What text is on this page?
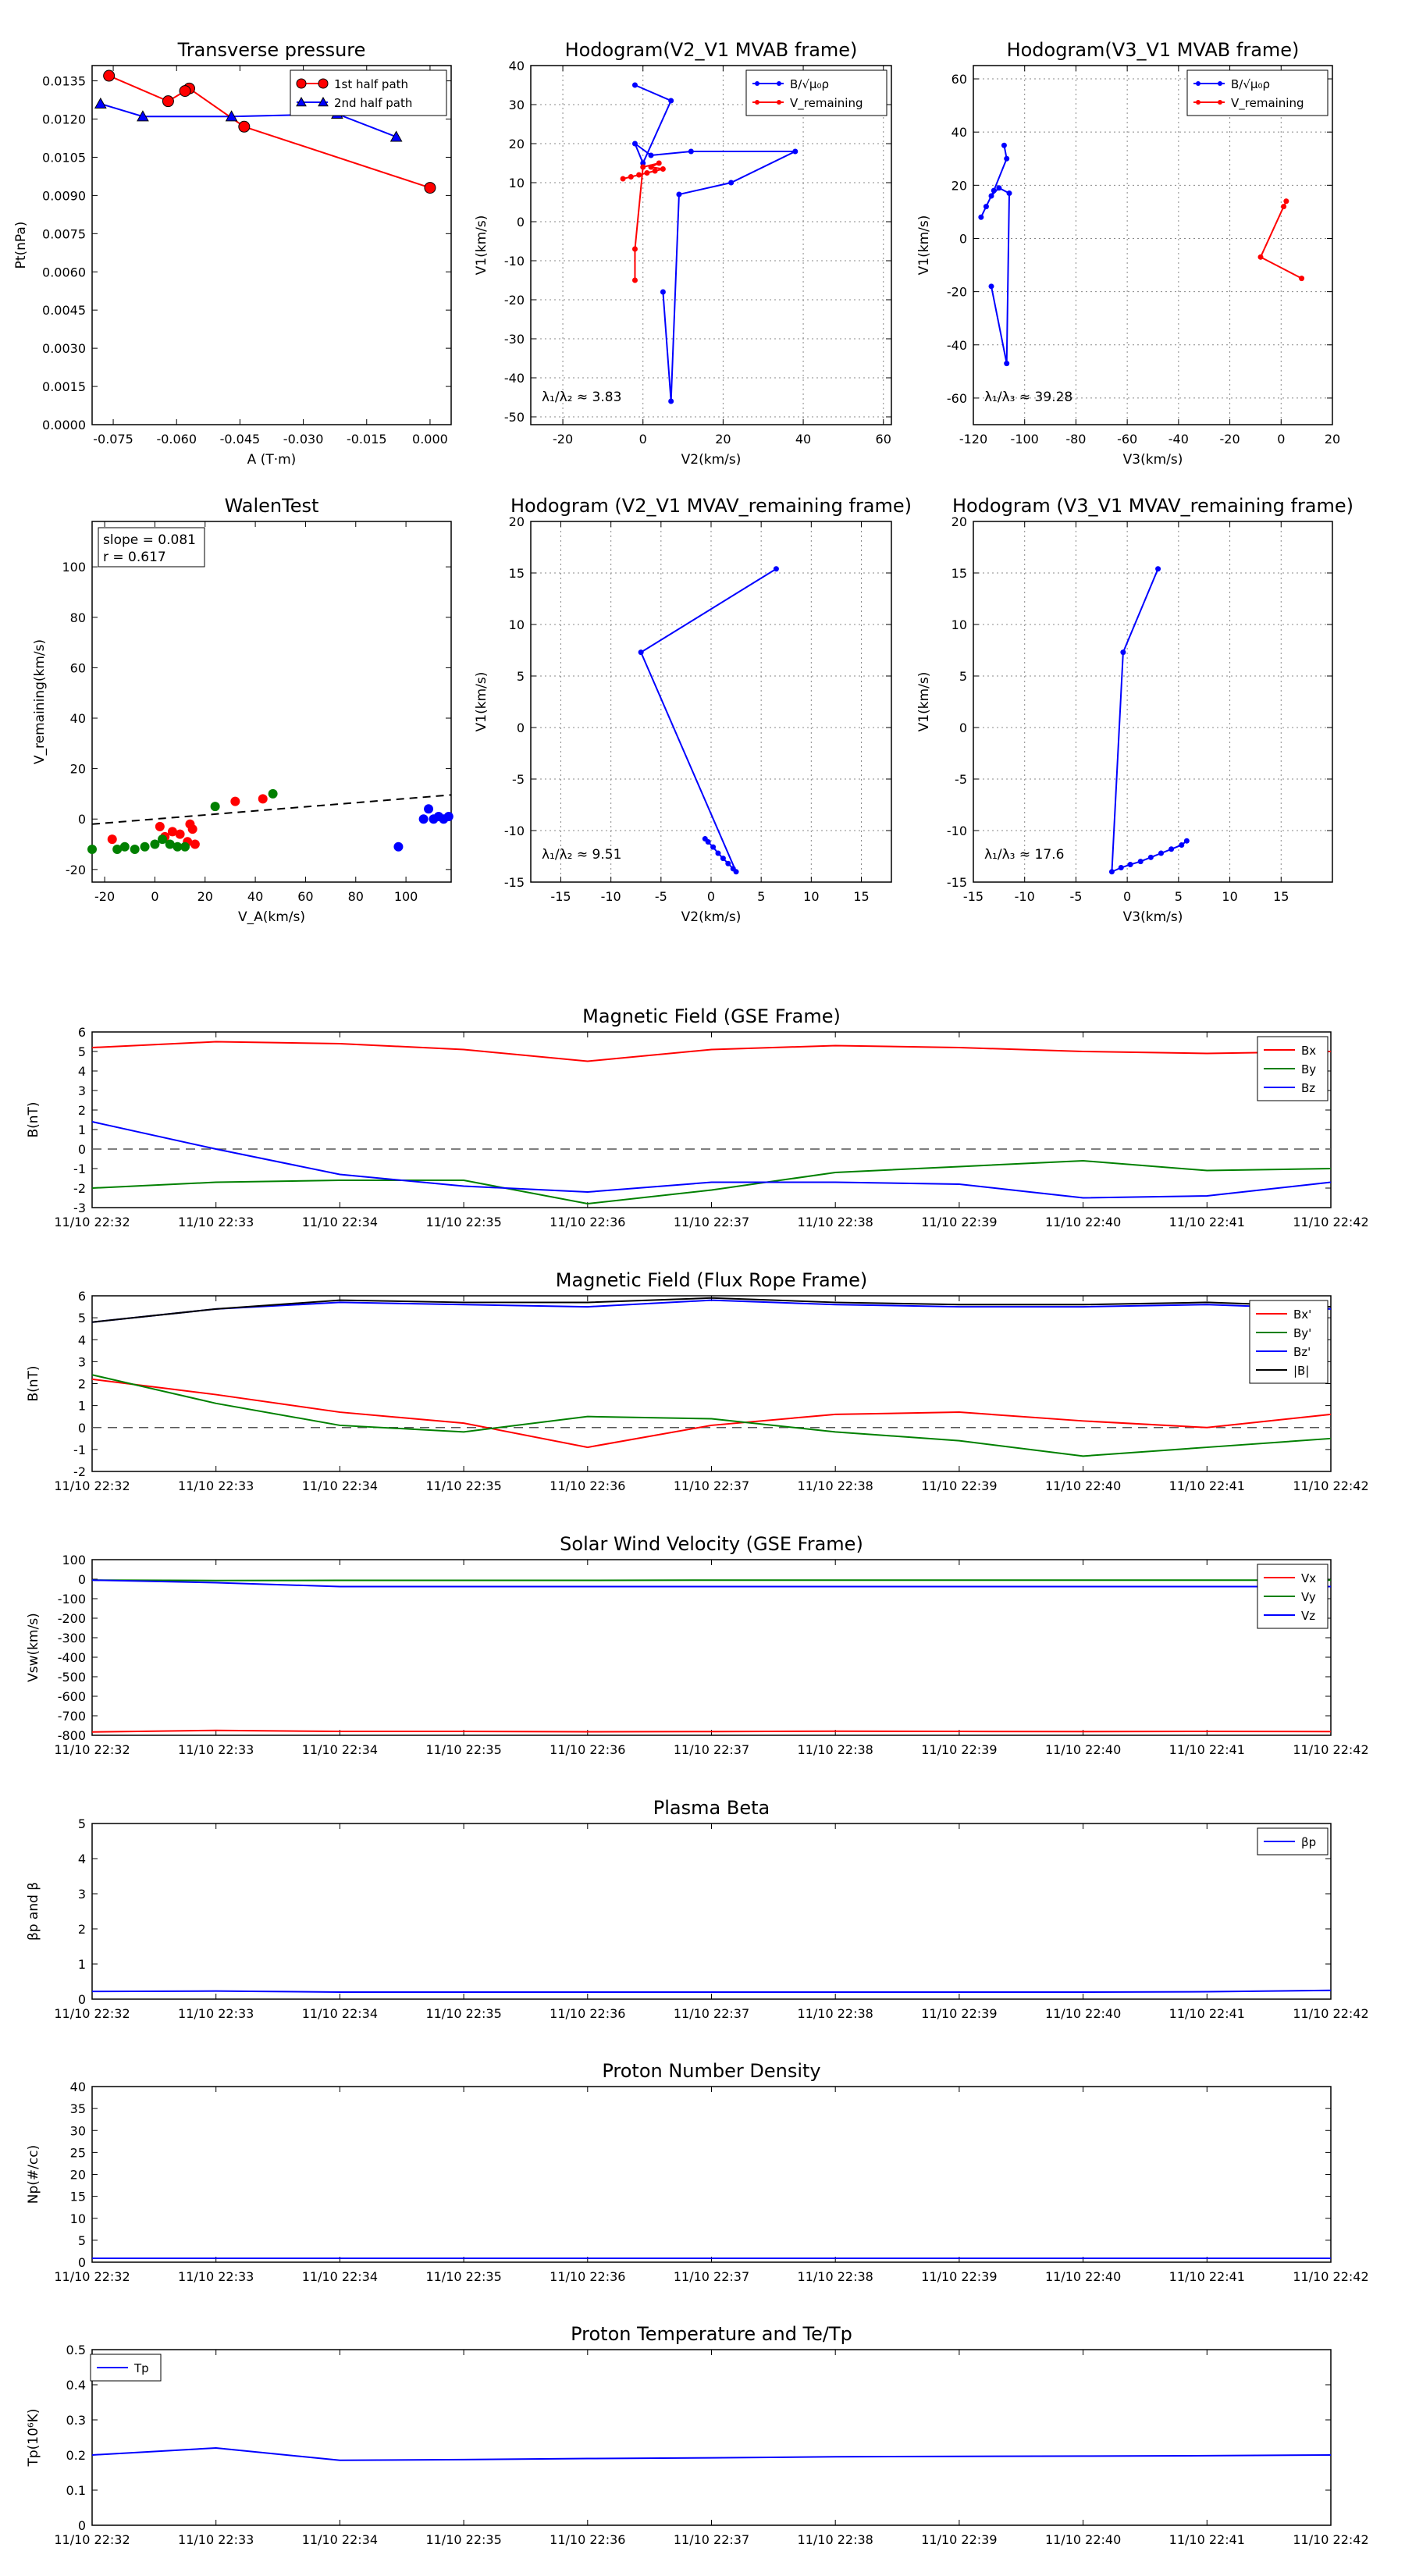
Transverse pressure
-0.075 -0.060 -0.045 -0.030 -0.015 0.000
0.0000
0.0015
0.0030
0.0045
0.0060
0.0075
0.0090
0.0105
0.0120
0.0135
A (T·m)
Pt(nPa)
1st half path
2nd half path
Hodogram(V2_V1 MVAB frame)
-20	0	20	40	60
-50
-40
-30
-20
-10
0
10
20
30
40
V2(km/s)
V1(km/s)
λ₁/λ₂ ≈ 3.83
B/√μ₀ρ
V_remaining
Hodogram(V3_V1 MVAB frame)
-120 -100 -80 -60 -40 -20	0	20
-60
-40
-20
0
20
40
60
V3(km/s)
V1(km/s)
λ₁/λ₃ ≈ 39.28
B/√μ₀ρ
V_remaining
Hodogram (V2_V1 MVAV_remaining frame)
-15 -10	-5	0	5	10	15
-15
-10
-5
0
5
10
15
20
V2(km/s)
V1(km/s)
λ₁/λ₂ ≈ 9.51
Hodogram (V3_V1 MVAV_remaining frame)
-15 -10	-5	0	5	10	15
-15
-10
-5
0
5
10
15
20
V3(km/s)
V1(km/s)
λ₁/λ₃ ≈ 17.6
WalenTest
-20	0	20	40	60	80 100
-20
0
20
40
60
80
100
V_A(km/s)
V_remaining(km/s)
slope = 0.081
r = 0.617
Magnetic Field (GSE Frame)
-3
-2
-1
0
1
2
3
4
5
6
B(nT)
11/10 22:32	11/10 22:33	11/10 22:34	11/10 22:35	11/10 22:36	11/10 22:37	11/10 22:38	11/10 22:39	11/10 22:40	11/10 22:41	11/10 22:42
Bx
By
Bz
Magnetic Field (Flux Rope Frame)
-2
-1
0
1
2
3
4
5
6
B(nT)
11/10 22:32	11/10 22:33	11/10 22:34	11/10 22:35	11/10 22:36	11/10 22:37	11/10 22:38	11/10 22:39	11/10 22:40	11/10 22:41	11/10 22:42
Bx'
By'
Bz'
|B|
Solar Wind Velocity (GSE Frame)
-800
-700
-600
-500
-400
-300
-200
-100
0
100
Vsw(km/s)
11/10 22:32	11/10 22:33	11/10 22:34	11/10 22:35	11/10 22:36	11/10 22:37	11/10 22:38	11/10 22:39	11/10 22:40	11/10 22:41	11/10 22:42
Vx
Vy
Vz
Plasma Beta
0
1
2
3
4
5
βp and β
11/10 22:32	11/10 22:33	11/10 22:34	11/10 22:35	11/10 22:36	11/10 22:37	11/10 22:38	11/10 22:39	11/10 22:40	11/10 22:41	11/10 22:42
βp
Proton Number Density
0
5
10
15
20
25
30
35
40
Np(#/cc)
11/10 22:32	11/10 22:33	11/10 22:34	11/10 22:35	11/10 22:36	11/10 22:37	11/10 22:38	11/10 22:39	11/10 22:40	11/10 22:41	11/10 22:42
Proton Temperature and Te/Tp
0
0.1
0.2
0.3
0.4
0.5
Tp(10⁶K)
11/10 22:32	11/10 22:33	11/10 22:34	11/10 22:35	11/10 22:36	11/10 22:37	11/10 22:38	11/10 22:39	11/10 22:40	11/10 22:41	11/10 22:42
Tp
